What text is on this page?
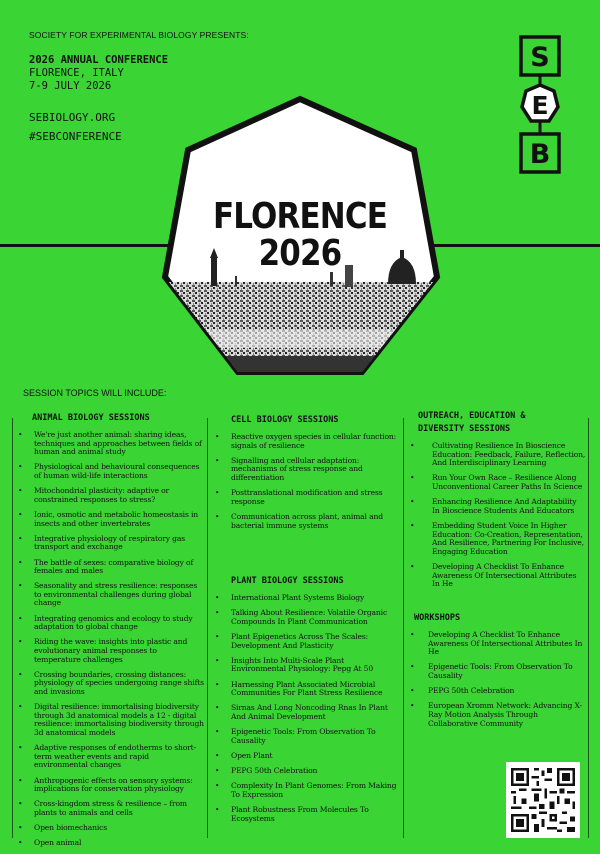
SOCIETY FOR EXPERIMENTAL BIOLOGY PRESENTS:
2026 ANNUAL CONFERENCE
FLORENCE, ITALY
7-9 JULY 2026
SEBIOLOGY.ORG
#SEBCONFERENCE
FLORENCE
2026
S
E
B
SESSION TOPICS WILL INCLUDE:
ANIMAL BIOLOGY SESSIONS
• We're just another animal: sharing ideas, techniques and approaches between fields of human and animal study
• Physiological and behavioural consequences of human wild-life interactions
• Mitochondrial plasticity: adaptive or constrained responses to stress?
• Ionic, osmotic and metabolic homeostasis in insects and other invertebrates
• Integrative physiology of respiratory gas transport and exchange
• The battle of sexes: comparative biology of females and males
• Seasonality and stress resilience: responses to environmental challenges during global change
• Integrating genomics and ecology to study adaptation to global change
• Riding the wave: insights into plastic and evolutionary animal responses to temperature challenges
• Crossing boundaries, crossing distances: physiology of species undergoing range shifts and invasions
• Digital resilience: immortalising biodiversity through 3d anatomical models a 12 - digital resilience: immortalising biodiversity through 3d anatomical models
• Adaptive responses of endotherms to short-term weather events and rapid environmental changes
• Anthropogenic effects on sensory systems: implications for conservation physiology
• Cross-kingdom stress & resilience – from plants to animals and cells
• Open biomechanics
• Open animal
CELL BIOLOGY SESSIONS
• Reactive oxygen species in cellular function: signals of resilience
• Signalling and cellular adaptation: mechanisms of stress response and differentiation
• Posttranslational modification and stress response
• Communication across plant, animal and bacterial immune systems
PLANT BIOLOGY SESSIONS
• International Plant Systems Biology
• Talking About Resilience: Volatile Organic Compounds In Plant Communication
• Plant Epigenetics Across The Scales: Development And Plasticity
• Insights Into Multi-Scale Plant Environmental Physiology: Pepg At 50
• Harnessing Plant Associated Microbial Communities For Plant Stress Resilience
• Sirnas And Long Noncoding Rnas In Plant And Animal Development
• Epigenetic Tools: From Observation To Causality
• Open Plant
• PEPG 50th Celebration
• Complexity In Plant Genomes: From Making To Expression
• Plant Robustness From Molecules To Ecosystems
OUTREACH, EDUCATION & DIVERSITY SESSIONS
• Cultivating Resilience In Bioscience Education: Feedback, Failure, Reflection, And Interdisciplinary Learning
• Run Your Own Race – Resilience Along Unconventional Career Paths In Science
• Enhancing Resilience And Adaptability In Bioscience Students And Educators
• Embedding Student Voice In Higher Education: Co-Creation, Representation, And Resilience, Partnering For Inclusive, Engaging Education
• Developing A Checklist To Enhance Awareness Of Intersectional Attributes In He
WORKSHOPS
• Developing A Checklist To Enhance Awareness Of Intersectional Attributes In He
• Epigenetic Tools: From Observation To Causality
• PEPG 50th Celebration
• European Xromm Network: Advancing X-Ray Motion Analysis Through Collaborative Community
